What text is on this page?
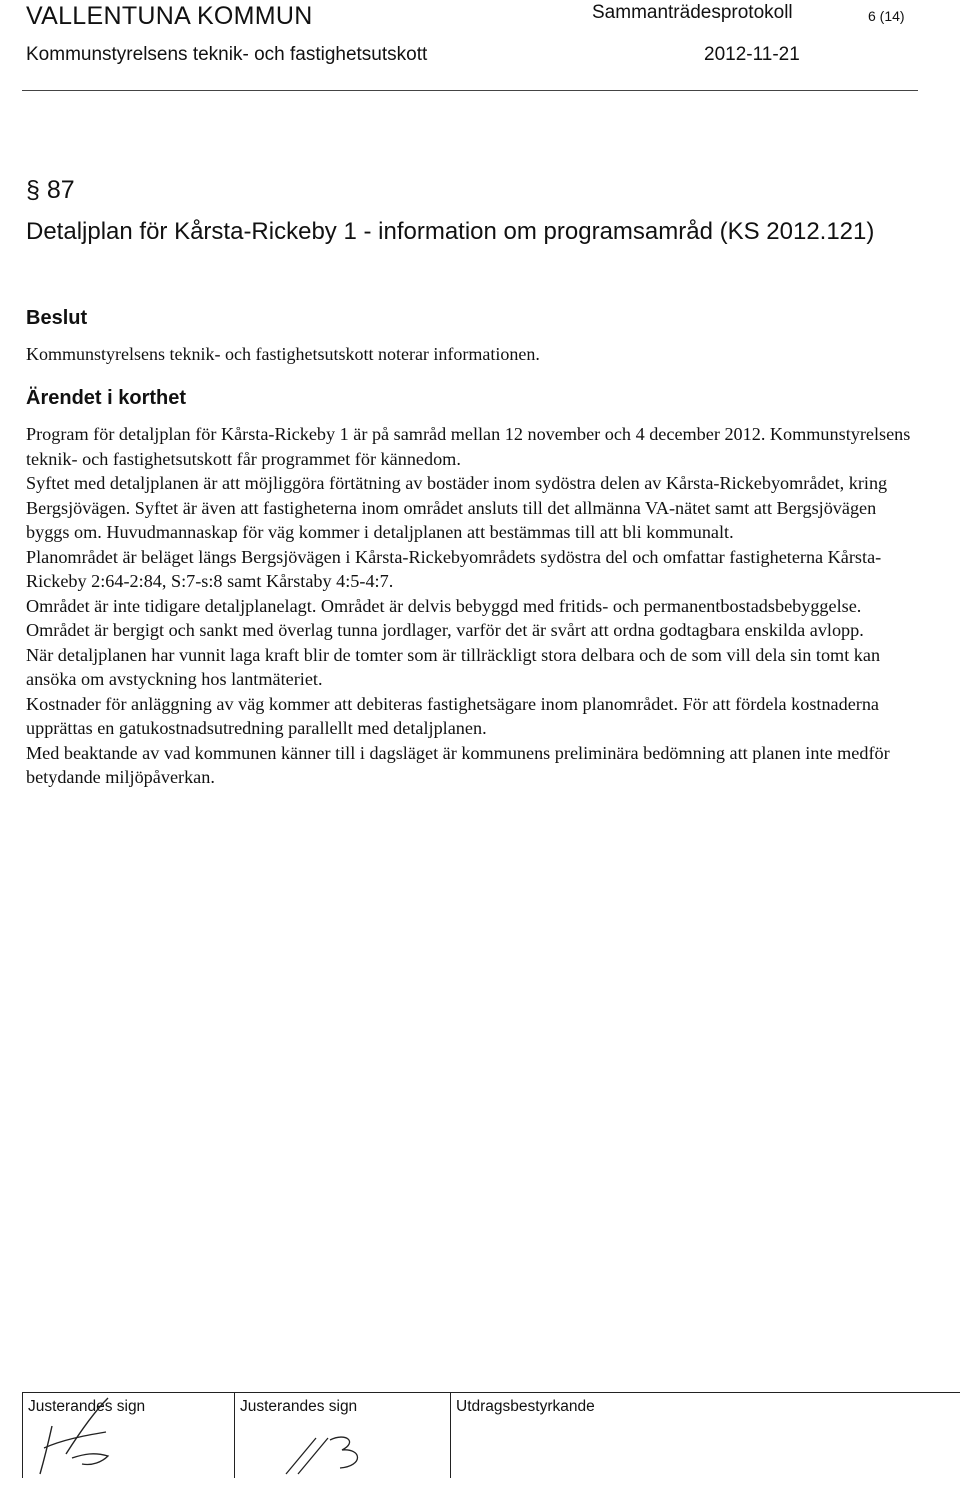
VALLENTUNA KOMMUN	Sammanträdesprotokoll	6 (14)
Kommunstyrelsens teknik- och fastighetsutskott	2012-11-21
§ 87
Detaljplan för Kårsta-Rickeby 1 - information om programsamråd (KS 2012.121)
Beslut
Kommunstyrelsens teknik- och fastighetsutskott noterar informationen.
Ärendet i korthet

Program för detaljplan för Kårsta-Rickeby 1 är på samråd mellan 12 november och 4 december 2012. Kommunstyrelsens teknik- och fastighetsutskott får programmet för kännedom.

Syftet med detaljplanen är att möjliggöra förtätning av bostäder inom sydöstra delen av Kårsta-Rickebyområdet, kring Bergsjövägen. Syftet är även att fastigheterna inom området ansluts till det allmänna VA-nätet samt att Bergsjövägen byggs om. Huvudmannaskap för väg kommer i detaljplanen att bestämmas till att bli kommunalt.

Planområdet är beläget längs Bergsjövägen i Kårsta-Rickebyområdets sydöstra del och omfattar fastigheterna Kårsta-Rickeby 2:64-2:84, S:7-s:8 samt Kårstaby 4:5-4:7.

Området är inte tidigare detaljplanelagt. Området är delvis bebyggd med fritids- och permanentbostadsbebyggelse. Området är bergigt och sankt med överlag tunna jordlager, varför det är svårt att ordna godtagbara enskilda avlopp.

När detaljplanen har vunnit laga kraft blir de tomter som är tillräckligt stora delbara och de som vill dela sin tomt kan ansöka om avstyckning hos lantmäteriet.

Kostnader för anläggning av väg kommer att debiteras fastighetsägare inom planområdet. För att fördela kostnaderna upprättas en gatukostnadsutredning parallellt med detaljplanen.

Med beaktande av vad kommunen känner till i dagsläget är kommunens preliminära bedömning att planen inte medför betydande miljöpåverkan.

Justerandes sign	Justerandes sign	Utdragsbestyrkande
